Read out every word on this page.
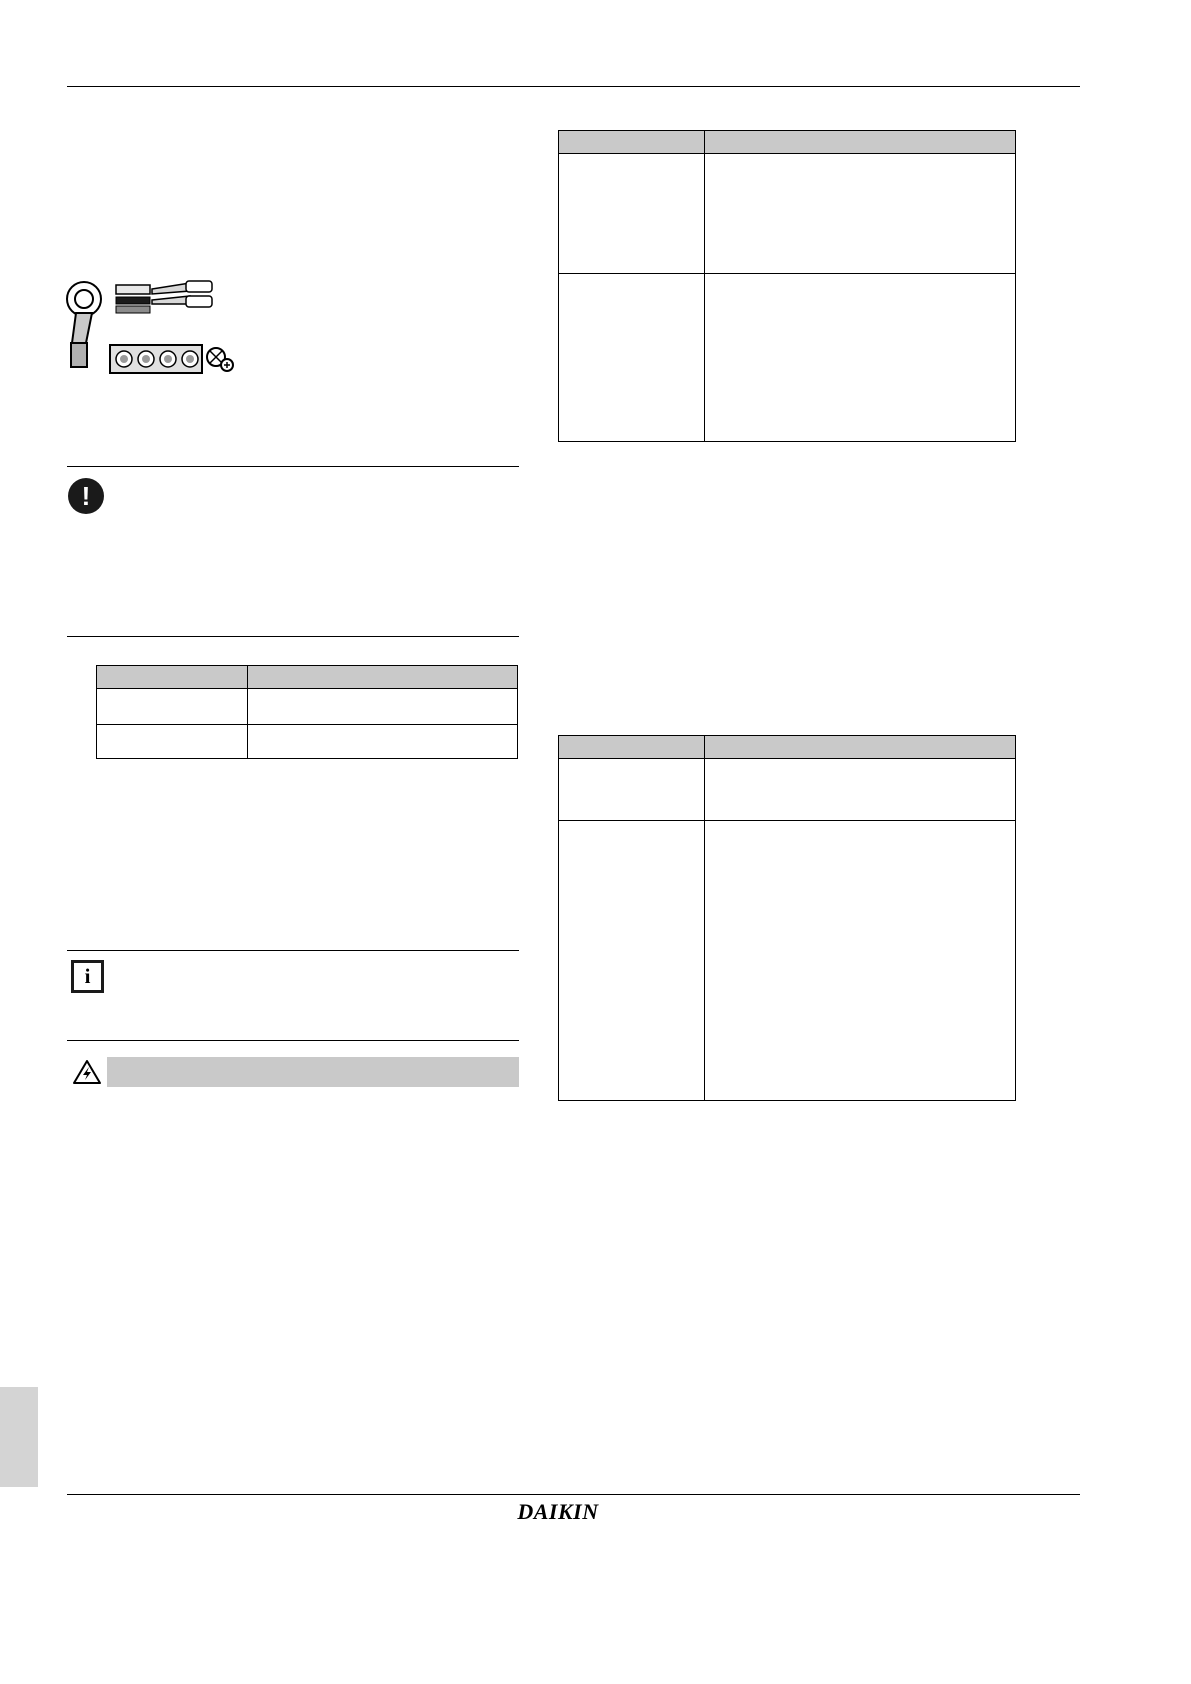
!
i

DAIKIN
